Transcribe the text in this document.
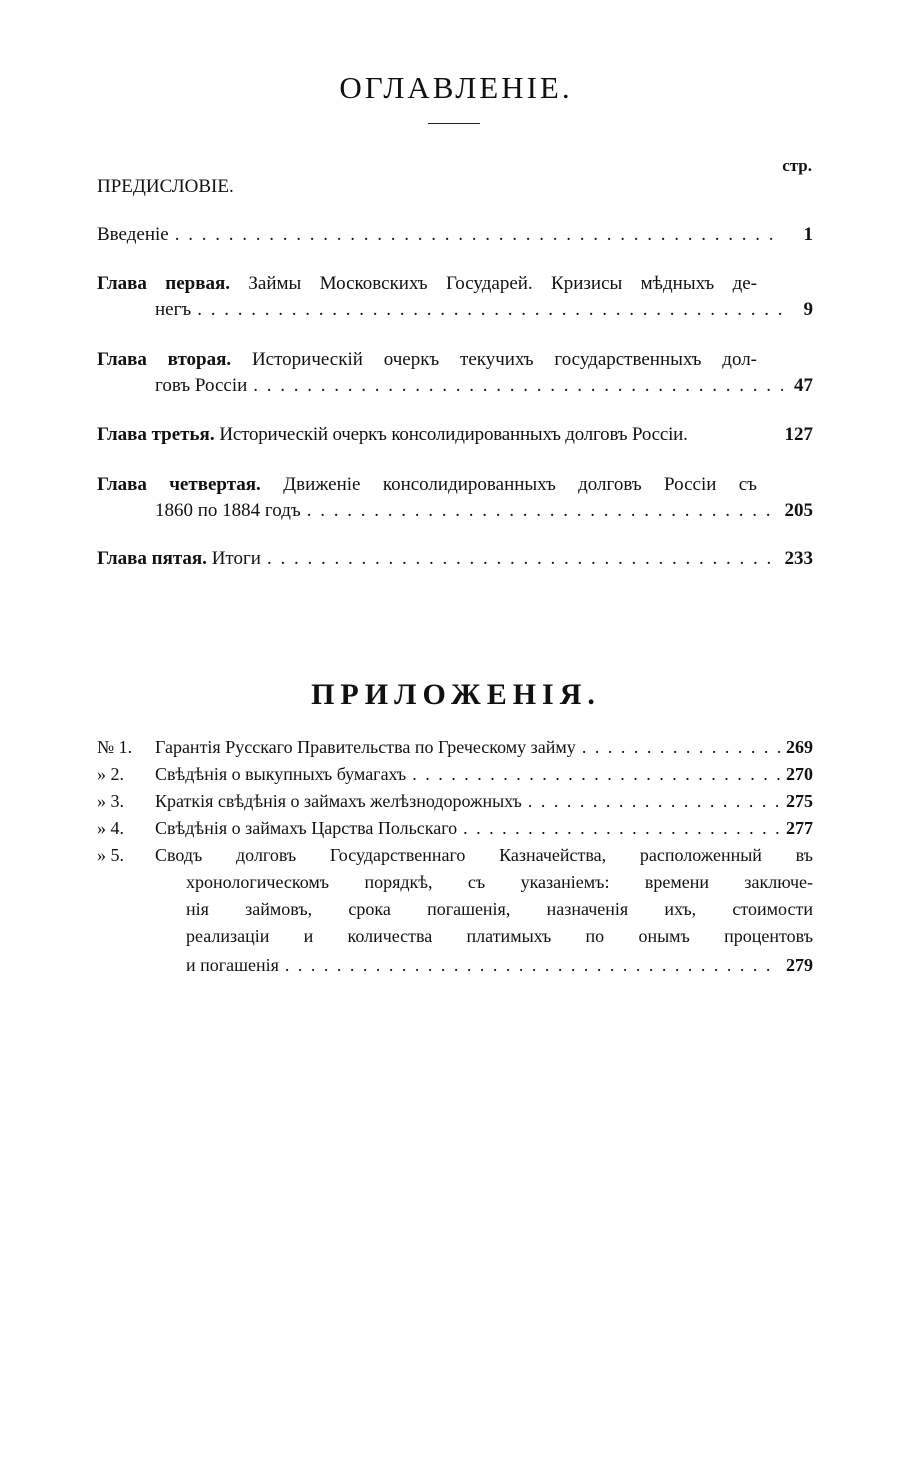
ОГЛАВЛЕНІЕ.
стр.
ПРЕДИСЛОВІЕ.
Введеніе . . .	1
Глава первая. Займы Московскихъ Государей. Кризисы мѣдныхъ де-
негъ . . .	9
Глава вторая. Историческій очеркъ текучихъ государственныхъ дол-
говъ Россіи . . .	47
Глава третья.
Историческій очеркъ консолидированныхъ долговъ Россіи.	127
Глава четвертая. Движеніе консолидированныхъ долговъ Россіи съ
1860 по 1884 годъ . . .	205
Глава пятая.
Итоги . . .	233
ПРИЛОЖЕНІЯ.
№ 1.	Гарантія Русскаго Правительства по Греческому займу . . .	269
» 2.	Свѣдѣнія о выкупныхъ бумагахъ . . .	270
» 3.	Краткія свѣдѣнія о займахъ желѣзнодорожныхъ . . .	275
» 4.	Свѣдѣнія о займахъ Царства Польскаго . . .	277
» 5.	Сводъ долговъ Государственнаго Казначейства, расположенный въ
хронологическомъ порядкѣ, съ указаніемъ: времени заключе-
нія займовъ, срока погашенія, назначенія ихъ, стоимости
реализаціи и количества платимыхъ по онымъ процентовъ
и погашенія . . .	279
